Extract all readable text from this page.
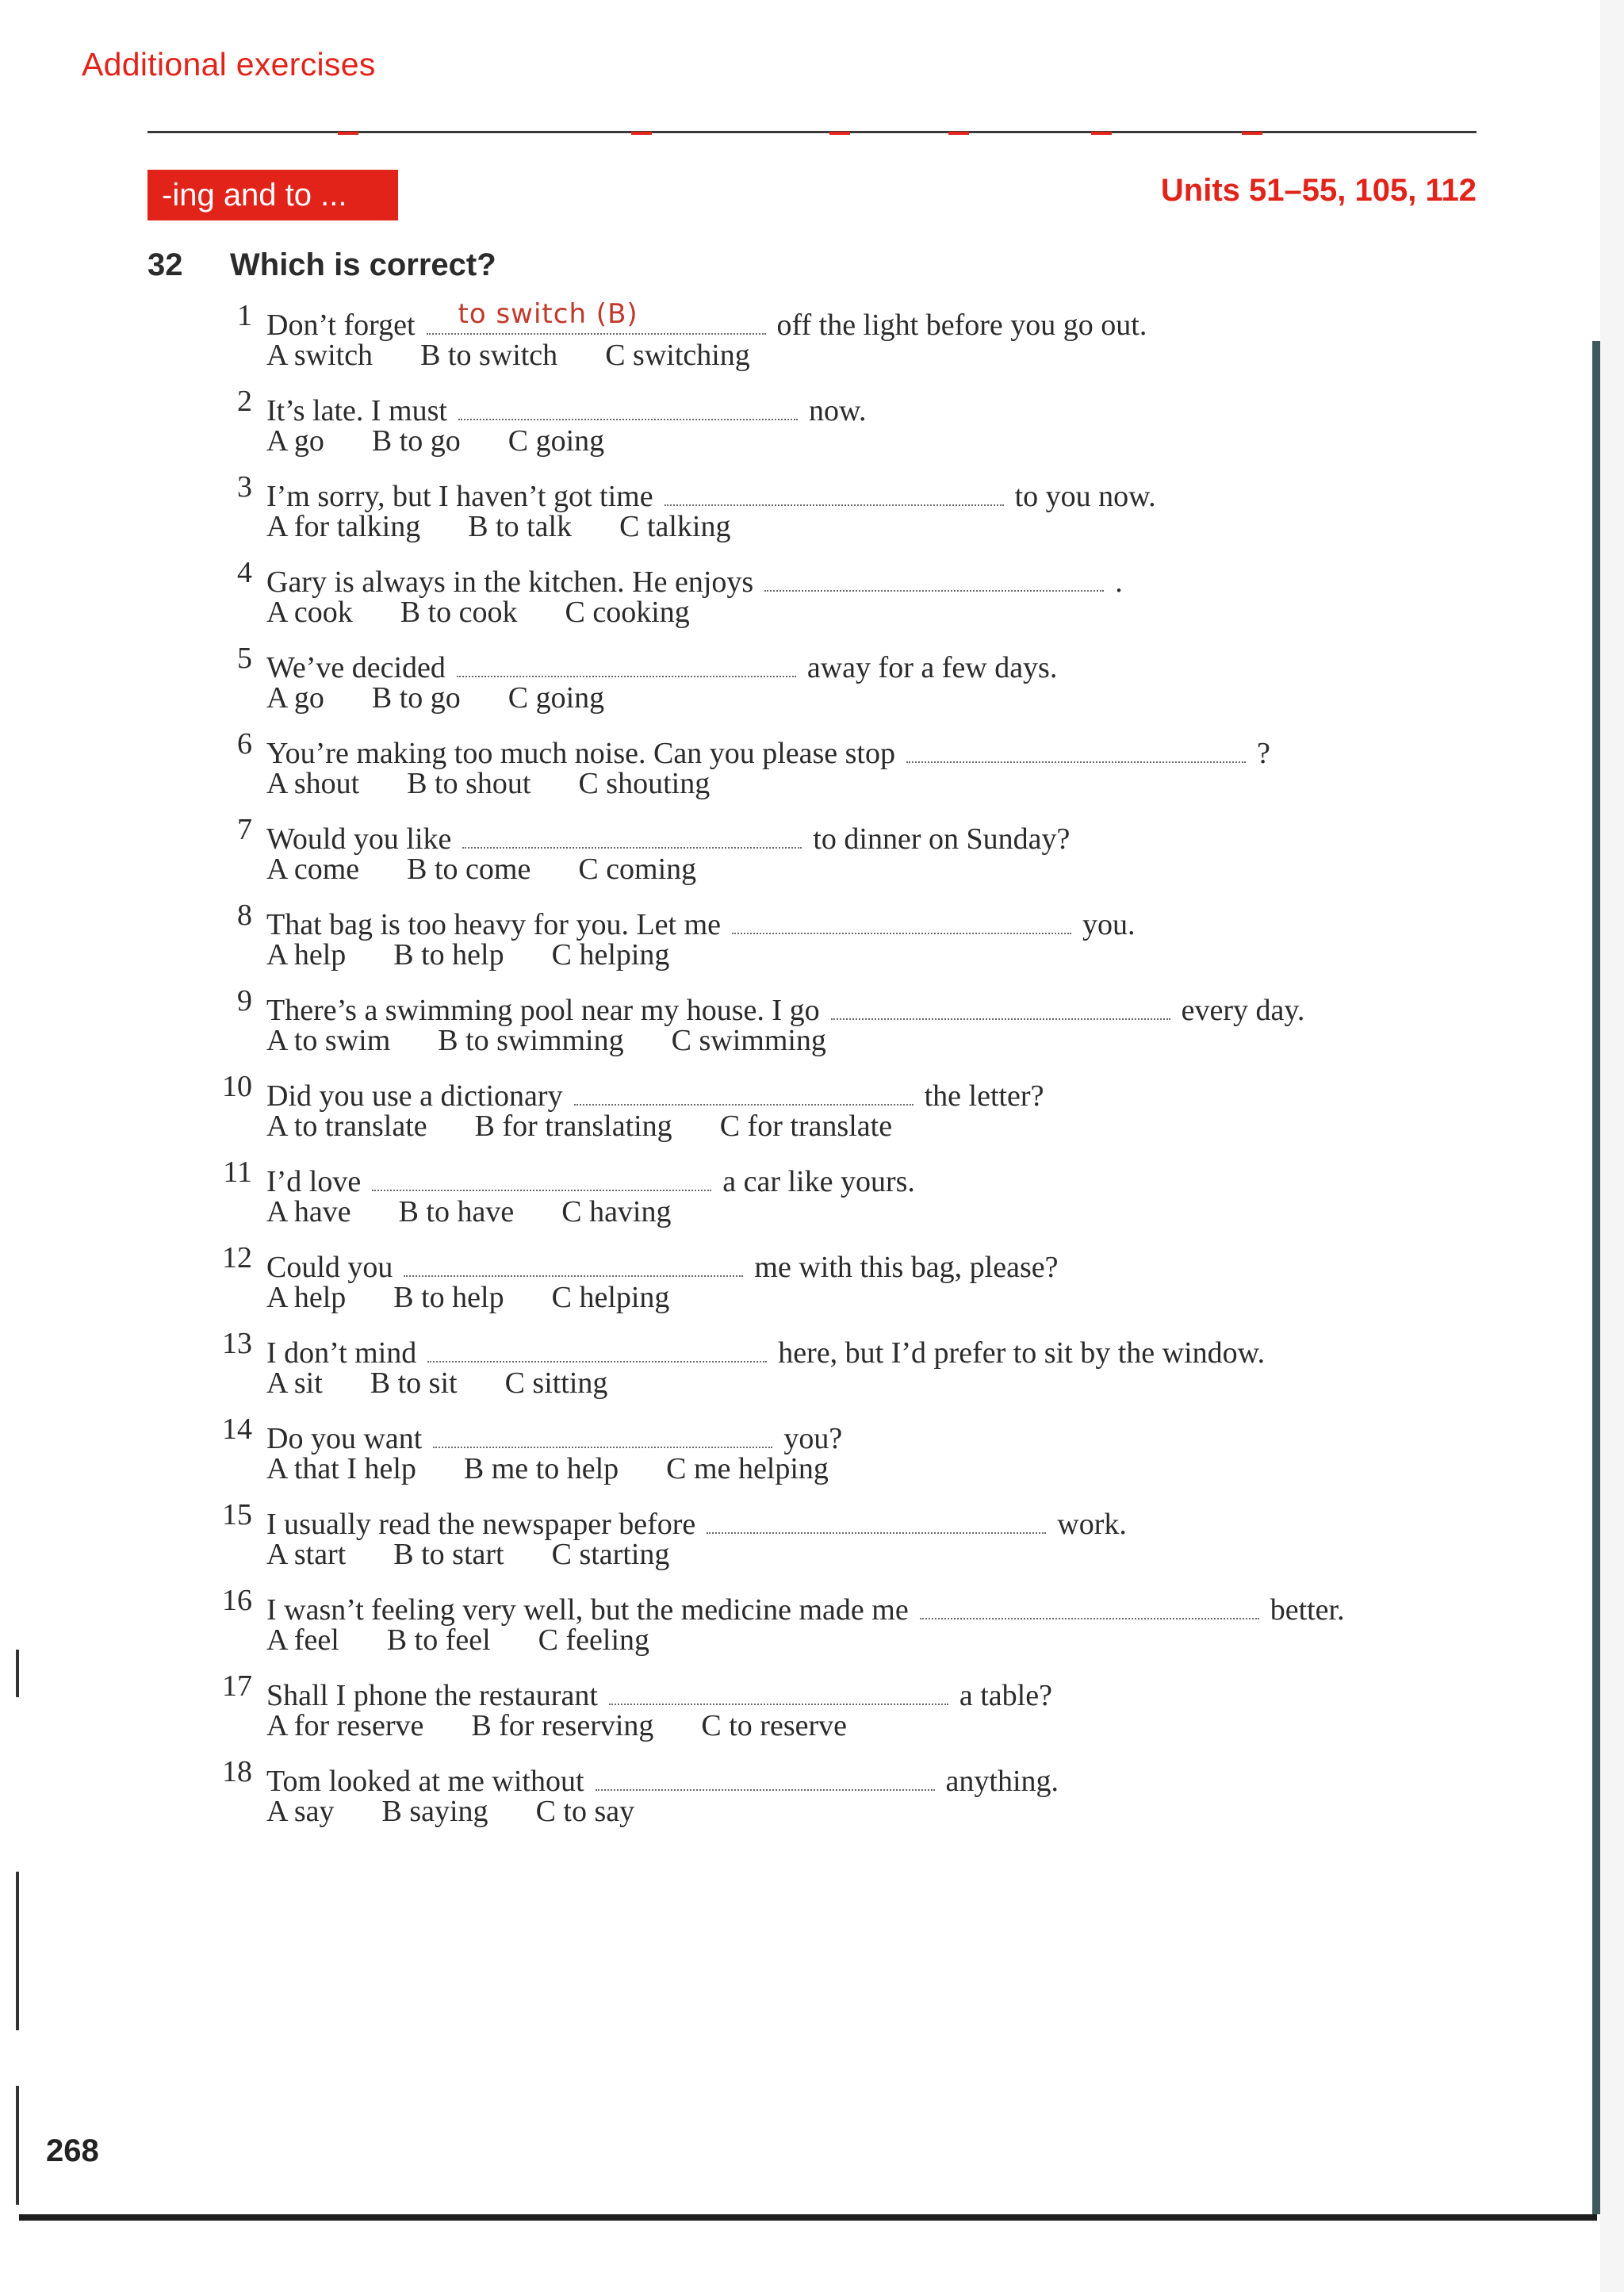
Additional exercises
-ing and to ...	Units 51–55, 105, 112
32 Which is correct?
1 Don’t forget to switch (B)	off the light before you go out.
A switch B to switch C switching
2 It’s late. I must	now.
A go B to go C going
3 I’m sorry, but I haven’t got time	to you now.
A for talking B to talk C talking
4 Gary is always in the kitchen. He enjoys	.
A cook B to cook C cooking
5 We’ve decided	away for a few days.
A go B to go C going
6 You’re making too much noise. Can you please stop	?
A shout B to shout C shouting
7 Would you like	to dinner on Sunday?
A come B to come C coming
8 That bag is too heavy for you. Let me	you.
A help B to help C helping
9 There’s a swimming pool near my house. I go	every day.
A to swim B to swimming C swimming
10 Did you use a dictionary	the letter?
A to translate B for translating C for translate
11 I’d love	a car like yours.
A have B to have C having
12 Could you	me with this bag, please?
A help B to help C helping
13 I don’t mind	here, but I’d prefer to sit by the window.
A sit B to sit C sitting
14 Do you want	you?
A that I help B me to help C me helping
15 I usually read the newspaper before	work.
A start B to start C starting
16 I wasn’t feeling very well, but the medicine made me	better.
A feel B to feel C feeling
17 Shall I phone the restaurant	a table?
A for reserve B for reserving C to reserve
18 Tom looked at me without	anything.
A say B saying C to say
268
